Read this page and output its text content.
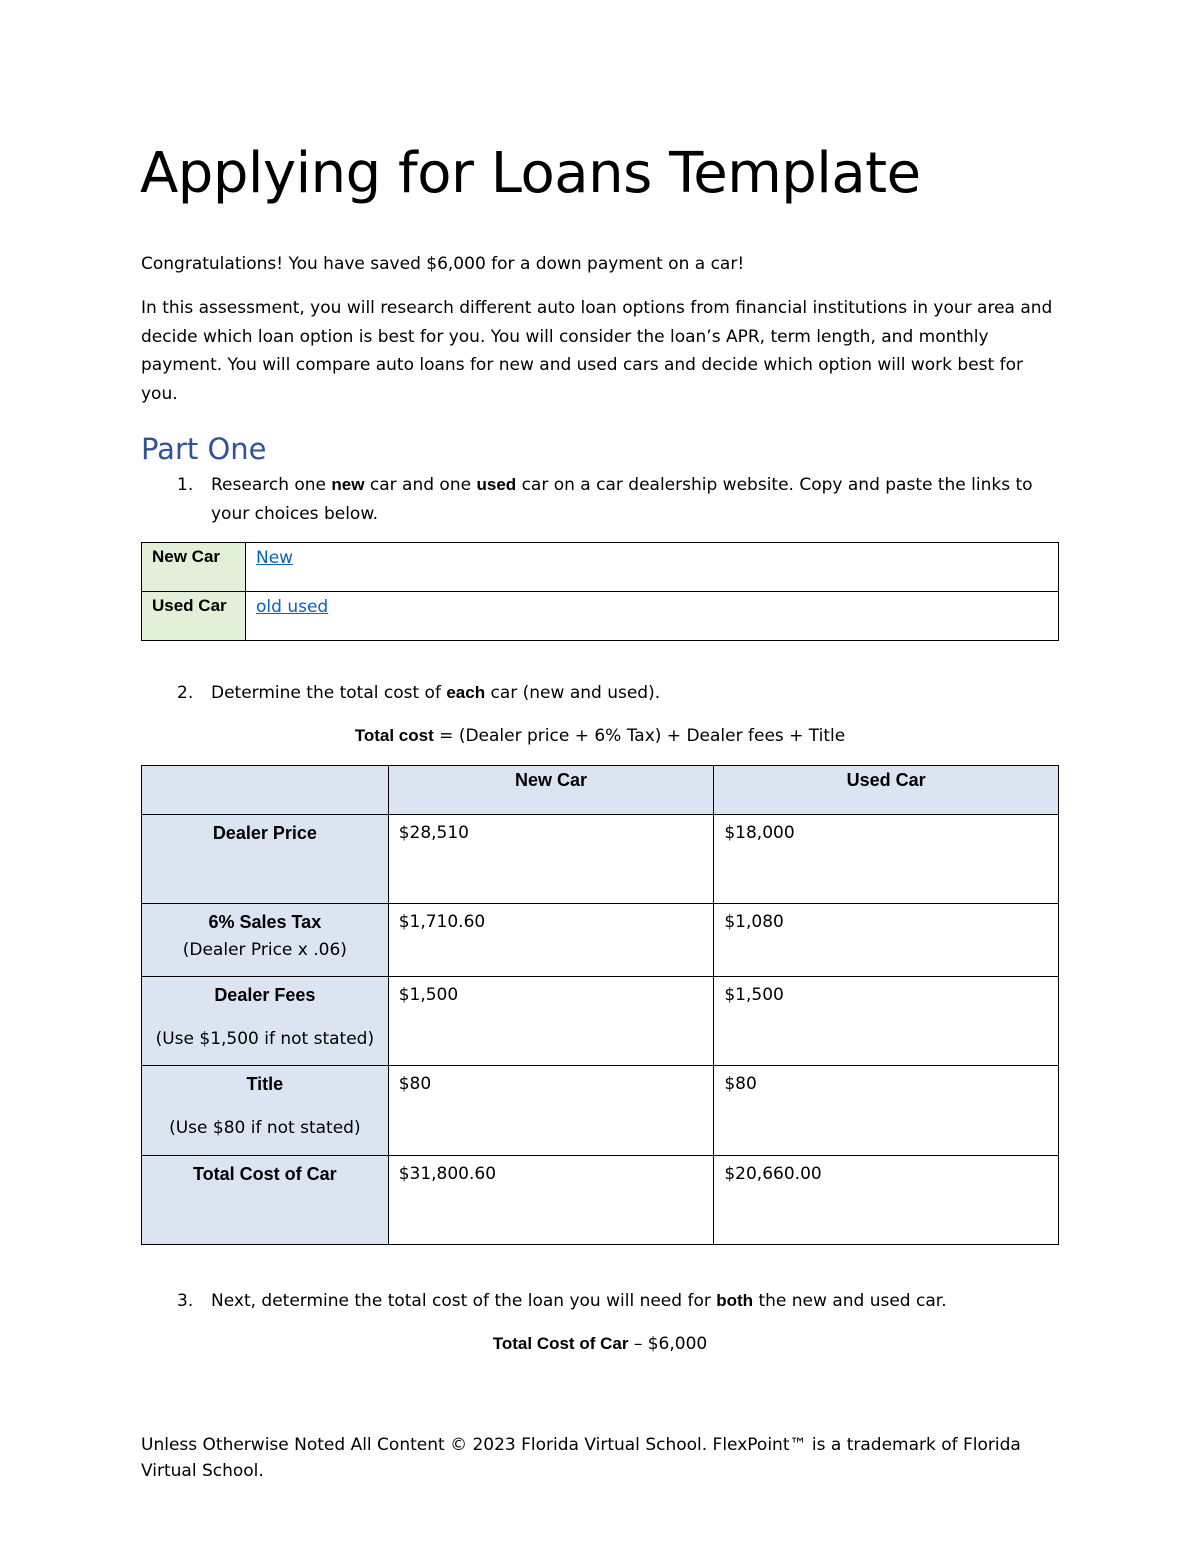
Applying for Loans Template

Congratulations! You have saved $6,000 for a down payment on a car!

In this assessment, you will research different auto loan options from financial institutions in your area and decide which loan option is best for you. You will consider the loan’s APR, term length, and monthly payment. You will compare auto loans for new and used cars and decide which option will work best for you.

Part One
1. Research one new car and one used car on a car dealership website. Copy and paste the links to your choices below.
New Car	New
Used Car	old used
2. Determine the total cost of each car (new and used).
Total cost = (Dealer price + 6% Tax) + Dealer fees + Title
	New Car	Used Car

Dealer Price	$28,510	$18,000

6% Sales Tax
(Dealer Price x .06)	$1,710.60	$1,080

Dealer Fees
(Use $1,500 if not stated)	$1,500	$1,500

Title
(Use $80 if not stated)	$80	$80

Total Cost of Car	$31,800.60	$20,660.00
3. Next, determine the total cost of the loan you will need for both the new and used car.
Total Cost of Car – $6,000
Unless Otherwise Noted All Content © 2023 Florida Virtual School. FlexPoint™ is a trademark of Florida Virtual School.
